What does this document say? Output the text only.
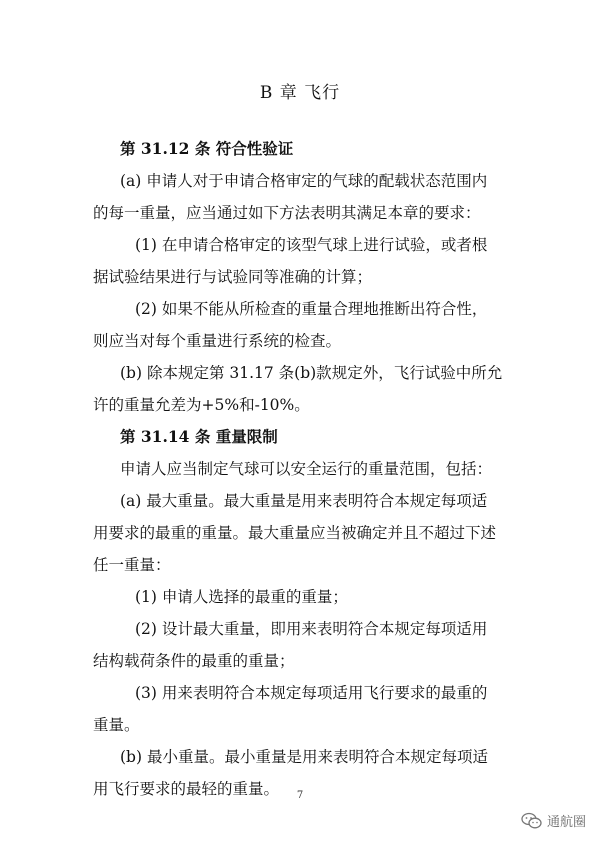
B 章 飞行
第 31.12 条 符合性验证
(a) 申请人对于申请合格审定的气球的配载状态范围内
的每一重量，应当通过如下方法表明其满足本章的要求：
(1) 在申请合格审定的该型气球上进行试验，或者根
据试验结果进行与试验同等准确的计算；
(2) 如果不能从所检查的重量合理地推断出符合性，
则应当对每个重量进行系统的检查。
(b) 除本规定第 31.17 条(b)款规定外，飞行试验中所允
许的重量允差为+5%和-10%。
第 31.14 条 重量限制
申请人应当制定气球可以安全运行的重量范围，包括：
(a) 最大重量。最大重量是用来表明符合本规定每项适
用要求的最重的重量。最大重量应当被确定并且不超过下述
任一重量：
(1) 申请人选择的最重的重量；
(2) 设计最大重量，即用来表明符合本规定每项适用
结构载荷条件的最重的重量；
(3) 用来表明符合本规定每项适用飞行要求的最重的
重量。
(b) 最小重量。最小重量是用来表明符合本规定每项适
用飞行要求的最轻的重量。	7
通航圈
